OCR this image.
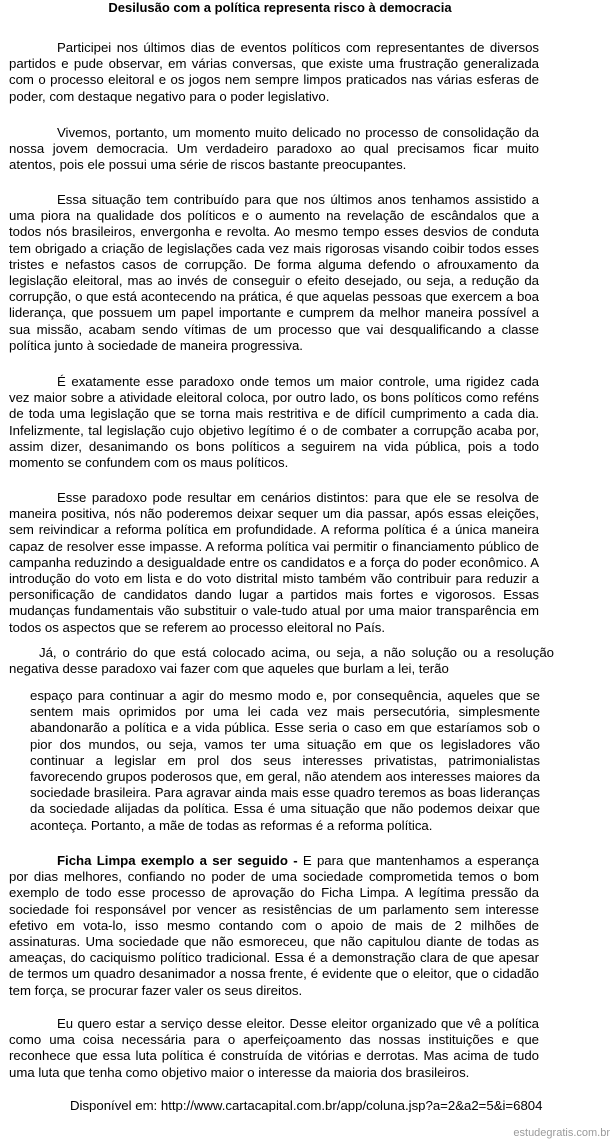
Desilusão com a política representa risco à democracia

Participei nos últimos dias de eventos políticos com representantes de diversos partidos e pude observar, em várias conversas, que existe uma frustração generalizada com o processo eleitoral e os jogos nem sempre limpos praticados nas várias esferas de poder, com destaque negativo para o poder legislativo.

Vivemos, portanto, um momento muito delicado no processo de consolidação da nossa jovem democracia. Um verdadeiro paradoxo ao qual precisamos ficar muito atentos, pois ele possui uma série de riscos bastante preocupantes.

Essa situação tem contribuído para que nos últimos anos tenhamos assistido a uma piora na qualidade dos políticos e o aumento na revelação de escândalos que a todos nós brasileiros, envergonha e revolta. Ao mesmo tempo esses desvios de conduta tem obrigado a criação de legislações cada vez mais rigorosas visando coibir todos esses tristes e nefastos casos de corrupção. De forma alguma defendo o afrouxamento da legislação eleitoral, mas ao invés de conseguir o efeito desejado, ou seja, a redução da corrupção, o que está acontecendo na prática, é que aquelas pessoas que exercem a boa liderança, que possuem um papel importante e cumprem da melhor maneira possível a sua missão, acabam sendo vítimas de um processo que vai desqualificando a classe política junto à sociedade de maneira progressiva.

É exatamente esse paradoxo onde temos um maior controle, uma rigidez cada vez maior sobre a atividade eleitoral coloca, por outro lado, os bons políticos como reféns de toda uma legislação que se torna mais restritiva e de difícil cumprimento a cada dia. Infelizmente, tal legislação cujo objetivo legítimo é o de combater a corrupção acaba por, assim dizer, desanimando os bons políticos a seguirem na vida pública, pois a todo momento se confundem com os maus políticos.

Esse paradoxo pode resultar em cenários distintos: para que ele se resolva de maneira positiva, nós não poderemos deixar sequer um dia passar, após essas eleições, sem reivindicar a reforma política em profundidade. A reforma política é a única maneira capaz de resolver esse impasse. A reforma política vai permitir o financiamento público de campanha reduzindo a desigualdade entre os candidatos e a força do poder econômico. A introdução do voto em lista e do voto distrital misto também vão contribuir para reduzir a personificação de candidatos dando lugar a partidos mais fortes e vigorosos. Essas mudanças fundamentais vão substituir o vale-tudo atual por uma maior transparência em todos os aspectos que se referem ao processo eleitoral no País.

Já, o contrário do que está colocado acima, ou seja, a não solução ou a resolução negativa desse paradoxo vai fazer com que aqueles que burlam a lei, terão

espaço para continuar a agir do mesmo modo e, por consequência, aqueles que se sentem mais oprimidos por uma lei cada vez mais persecutória, simplesmente abandonarão a política e a vida pública. Esse seria o caso em que estaríamos sob o pior dos mundos, ou seja, vamos ter uma situação em que os legisladores vão continuar a legislar em prol dos seus interesses privatistas, patrimonialistas favorecendo grupos poderosos que, em geral, não atendem aos interesses maiores da sociedade brasileira. Para agravar ainda mais esse quadro teremos as boas lideranças da sociedade alijadas da política. Essa é uma situação que não podemos deixar que aconteça. Portanto, a mãe de todas as reformas é a reforma política.

Ficha Limpa exemplo a ser seguido - E para que mantenhamos a esperança por dias melhores, confiando no poder de uma sociedade comprometida temos o bom exemplo de todo esse processo de aprovação do Ficha Limpa. A legítima pressão da sociedade foi responsável por vencer as resistências de um parlamento sem interesse efetivo em vota-lo, isso mesmo contando com o apoio de mais de 2 milhões de assinaturas. Uma sociedade que não esmoreceu, que não capitulou diante de todas as ameaças, do caciquismo político tradicional. Essa é a demonstração clara de que apesar de termos um quadro desanimador a nossa frente, é evidente que o eleitor, que o cidadão tem força, se procurar fazer valer os seus direitos.

Eu quero estar a serviço desse eleitor. Desse eleitor organizado que vê a política como uma coisa necessária para o aperfeiçoamento das nossas instituições e que reconhece que essa luta política é construída de vitórias e derrotas. Mas acima de tudo uma luta que tenha como objetivo maior o interesse da maioria dos brasileiros.

Disponível em: http://www.cartacapital.com.br/app/coluna.jsp?a=2&a2=5&i=6804
estudegratis.com.br
